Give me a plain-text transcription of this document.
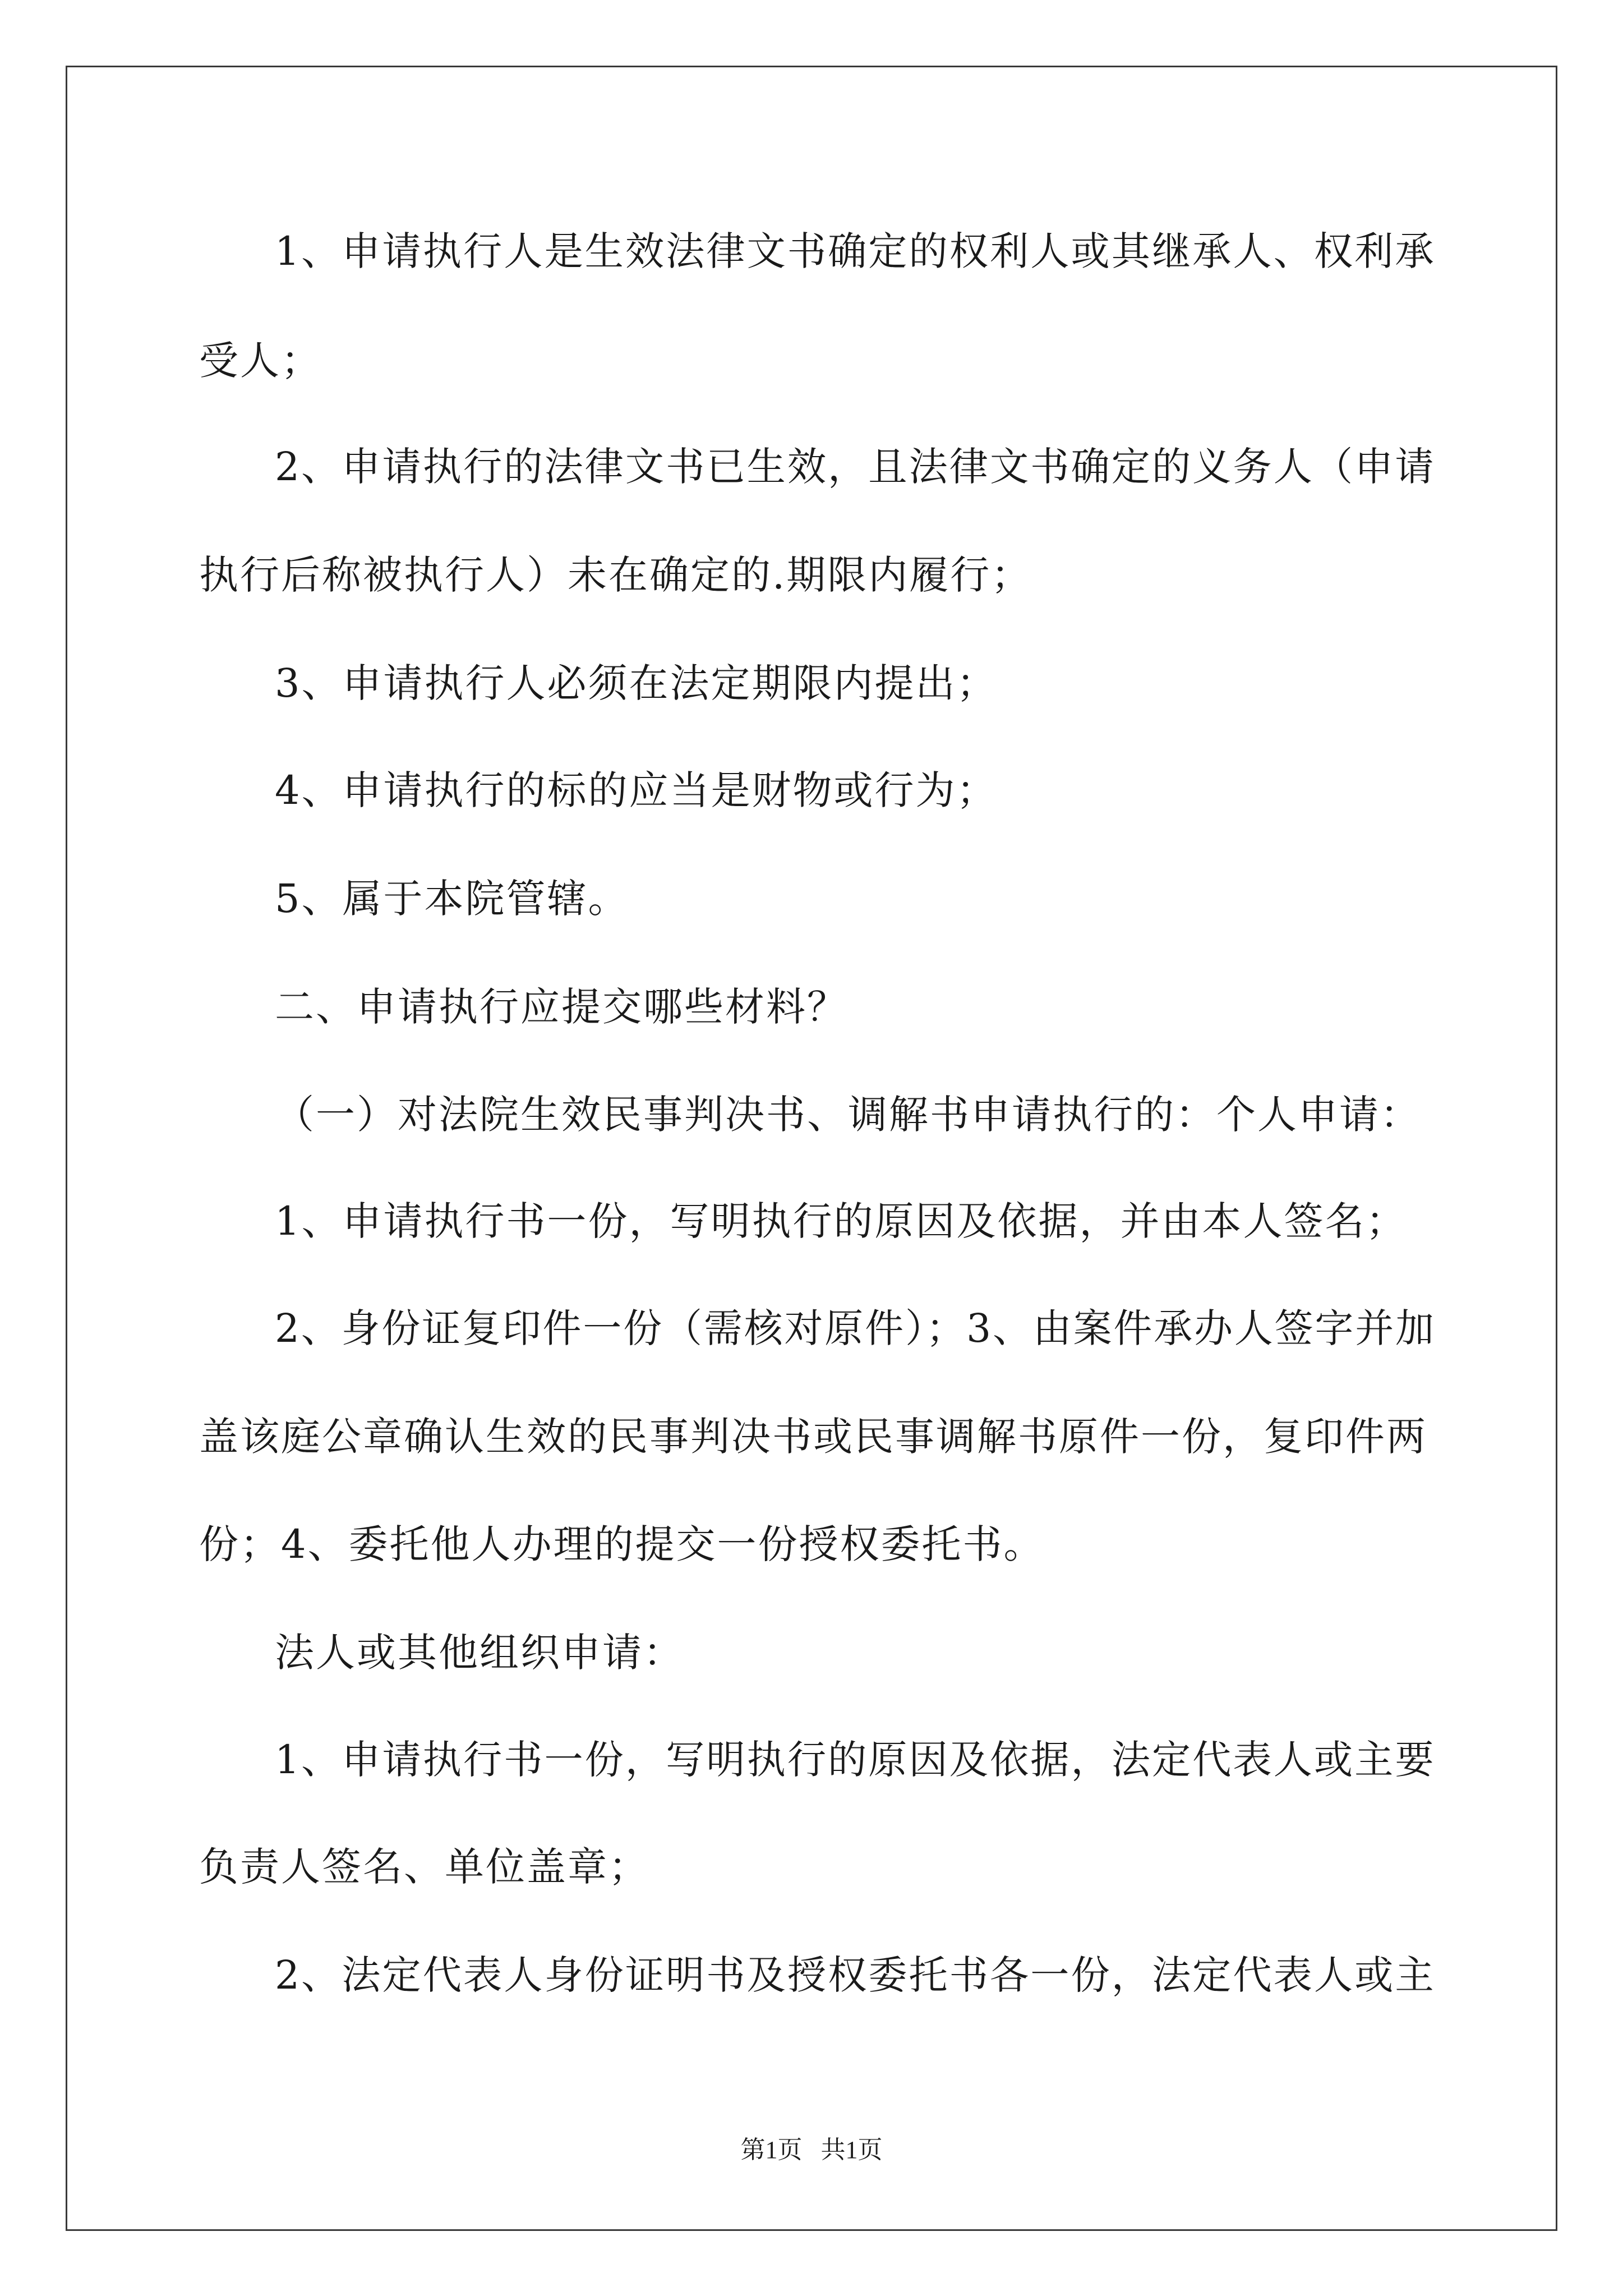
1、申请执行人是生效法律文书确定的权利人或其继承人、权利承

受人；

2、申请执行的法律文书已生效，且法律文书确定的义务人（申请

执行后称被执行人）未在确定的.期限内履行；

3、申请执行人必须在法定期限内提出；

4、申请执行的标的应当是财物或行为；

5、属于本院管辖。

二、申请执行应提交哪些材料？

（一）对法院生效民事判决书、调解书申请执行的：个人申请：

1、申请执行书一份，写明执行的原因及依据，并由本人签名；

2、身份证复印件一份（需核对原件）；3、由案件承办人签字并加

盖该庭公章确认生效的民事判决书或民事调解书原件一份，复印件两

份；4、委托他人办理的提交一份授权委托书。

法人或其他组织申请：

1、申请执行书一份，写明执行的原因及依据，法定代表人或主要

负责人签名、单位盖章；

2、法定代表人身份证明书及授权委托书各一份，法定代表人或主

第1页   共1页
